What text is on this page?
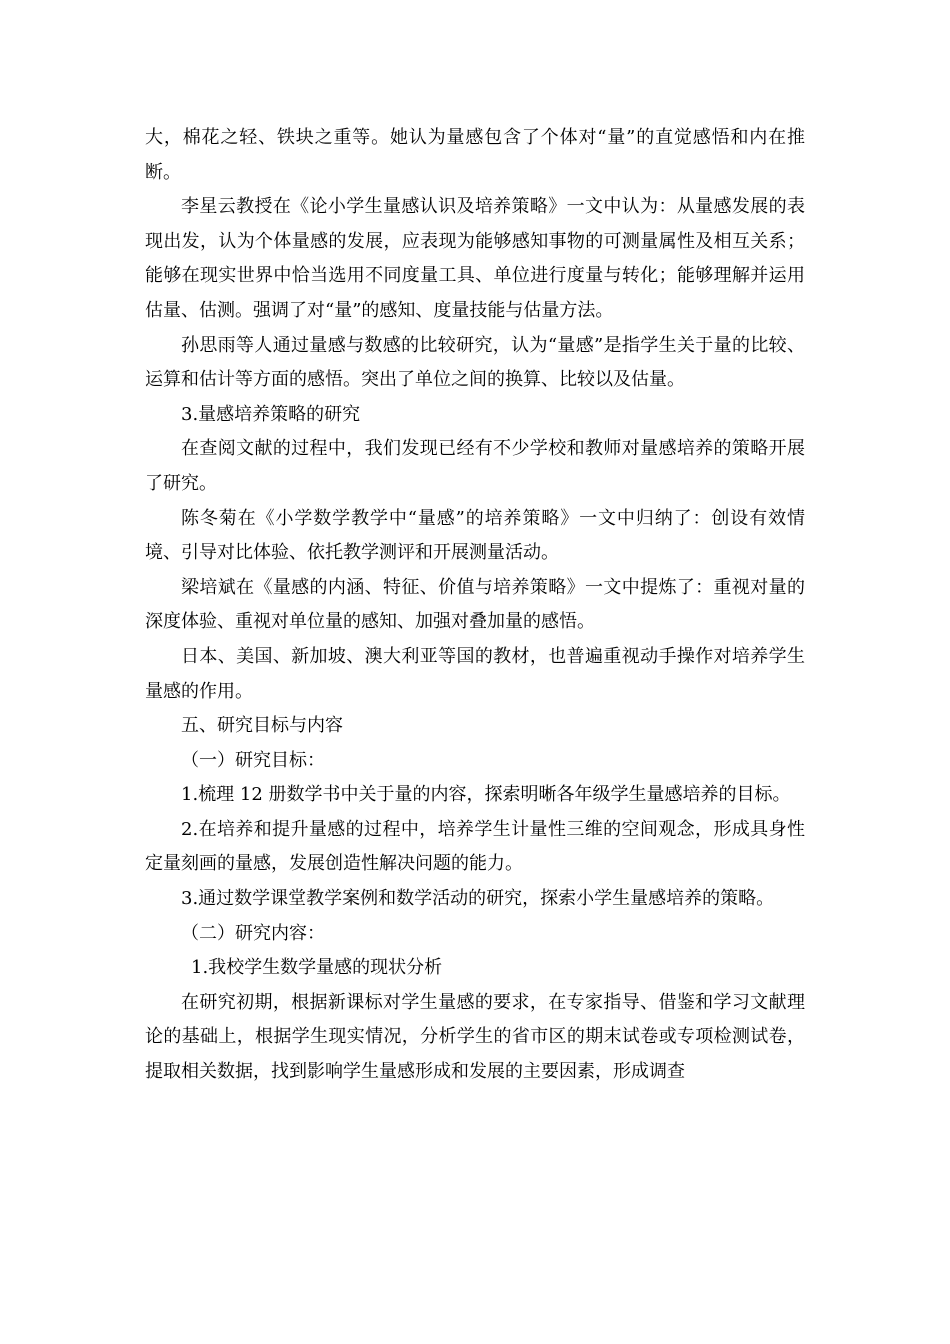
大，棉花之轻、铁块之重等。她认为量感包含了个体对“量”的直觉感悟和内在推断。

李星云教授在《论小学生量感认识及培养策略》一文中认为：从量感发展的表现出发，认为个体量感的发展，应表现为能够感知事物的可测量属性及相互关系；能够在现实世界中恰当选用不同度量工具、单位进行度量与转化；能够理解并运用估量、估测。强调了对“量”的感知、度量技能与估量方法。

孙思雨等人通过量感与数感的比较研究，认为“量感”是指学生关于量的比较、运算和估计等方面的感悟。突出了单位之间的换算、比较以及估量。

3.量感培养策略的研究

在查阅文献的过程中，我们发现已经有不少学校和教师对量感培养的策略开展了研究。

陈冬菊在《小学数学教学中“量感”的培养策略》一文中归纳了：创设有效情境、引导对比体验、依托教学测评和开展测量活动。

梁培斌在《量感的内涵、特征、价值与培养策略》一文中提炼了：重视对量的深度体验、重视对单位量的感知、加强对叠加量的感悟。

日本、美国、新加坡、澳大利亚等国的教材，也普遍重视动手操作对培养学生量感的作用。

五、研究目标与内容

（一）研究目标：

1.梳理 12 册数学书中关于量的内容，探索明晰各年级学生量感培养的目标。

2.在培养和提升量感的过程中，培养学生计量性三维的空间观念，形成具身性定量刻画的量感，发展创造性解决问题的能力。

3.通过数学课堂教学案例和数学活动的研究，探索小学生量感培养的策略。

（二）研究内容：

1.我校学生数学量感的现状分析

在研究初期，根据新课标对学生量感的要求，在专家指导、借鉴和学习文献理论的基础上，根据学生现实情况，分析学生的省市区的期末试卷或专项检测试卷，提取相关数据，找到影响学生量感形成和发展的主要因素，形成调查
